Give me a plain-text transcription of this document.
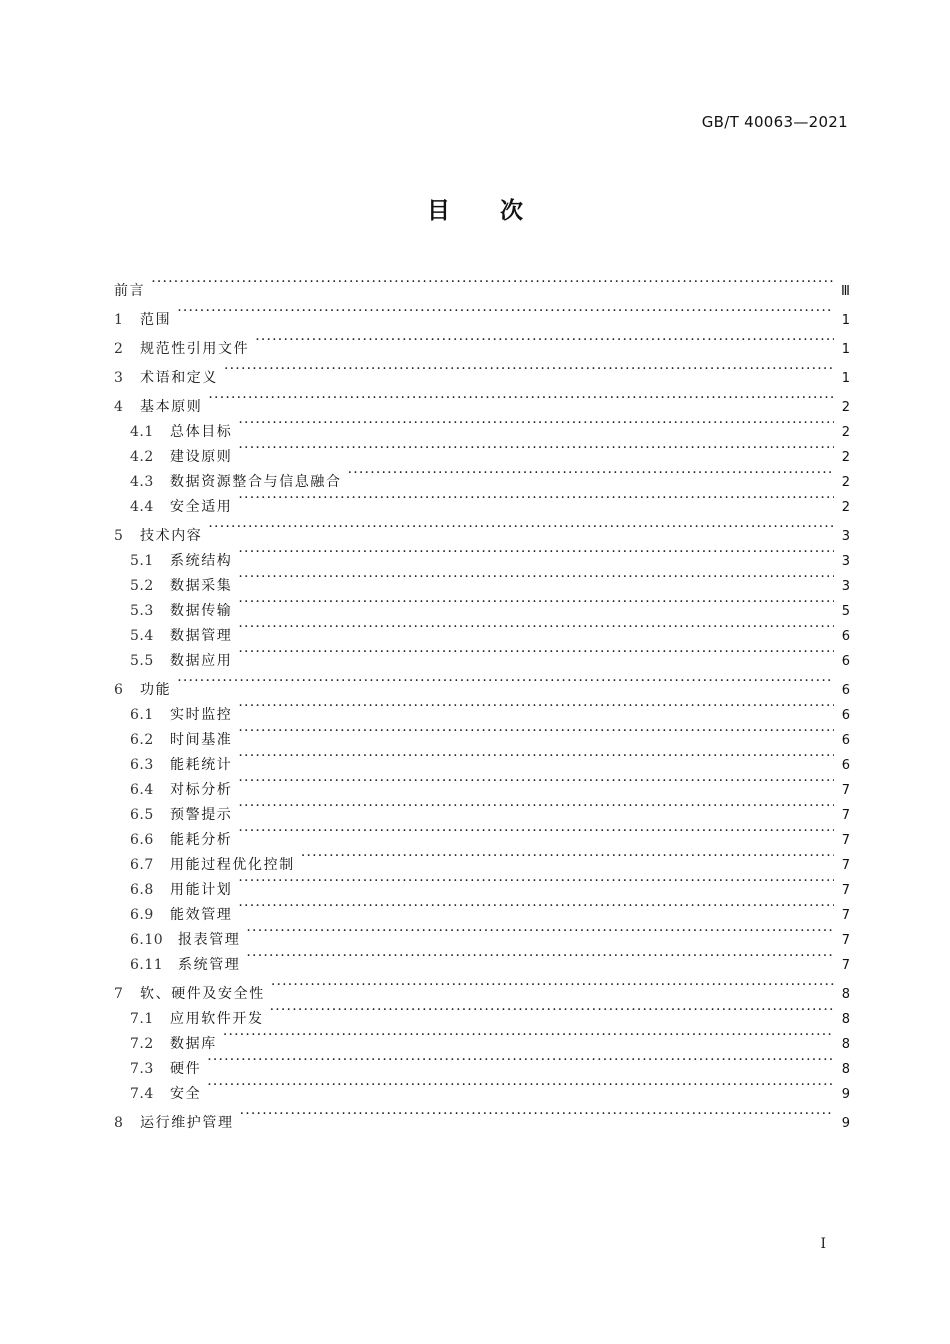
GB/T 40063—2021
目次
前言 ·····	Ⅲ
1	范围 ·····	1
2	规范性引用文件 ·····	1
3	术语和定义 ·····	1
4	基本原则 ·····	2
4.1	总体目标 ·····	2
4.2	建设原则 ·····	2
4.3	数据资源整合与信息融合 ·····	2
4.4	安全适用 ·····	2
5	技术内容 ·····	3
5.1	系统结构 ·····	3
5.2	数据采集 ·····	3
5.3	数据传输 ·····	5
5.4	数据管理 ·····	6
5.5	数据应用 ·····	6
6	功能 ·····	6
6.1	实时监控 ·····	6
6.2	时间基准 ·····	6
6.3	能耗统计 ·····	6
6.4	对标分析 ·····	7
6.5	预警提示 ·····	7
6.6	能耗分析 ·····	7
6.7	用能过程优化控制 ·····	7
6.8	用能计划 ·····	7
6.9	能效管理 ·····	7
6.10	报表管理 ·····	7
6.11	系统管理 ·····	7
7	软、硬件及安全性 ·····	8
7.1	应用软件开发 ·····	8
7.2	数据库 ·····	8
7.3	硬件 ·····	8
7.4	安全 ·····	9
8	运行维护管理 ·····	9
Ⅰ
